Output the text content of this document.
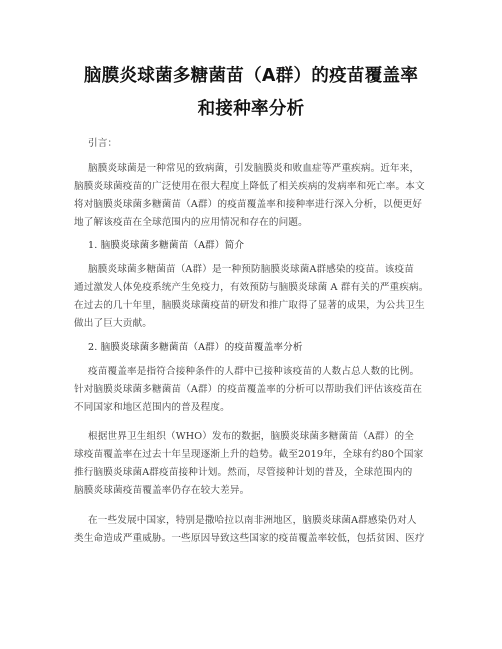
脑膜炎球菌多糖菌苗（A群）的疫苗覆盖率
和接种率分析
引言：
脑膜炎球菌是一种常见的致病菌，引发脑膜炎和败血症等严重疾病。近年来，
脑膜炎球菌疫苗的广泛使用在很大程度上降低了相关疾病的发病率和死亡率。本文
将对脑膜炎球菌多糖菌苗（A群）的疫苗覆盖率和接种率进行深入分析，以便更好
地了解该疫苗在全球范围内的应用情况和存在的问题。
1. 脑膜炎球菌多糖菌苗（A群）简介
脑膜炎球菌多糖菌苗（A群）是一种预防脑膜炎球菌A群感染的疫苗。该疫苗
通过激发人体免疫系统产生免疫力，有效预防与脑膜炎球菌 A 群有关的严重疾病。
在过去的几十年里，脑膜炎球菌疫苗的研发和推广取得了显著的成果，为公共卫生
做出了巨大贡献。
2. 脑膜炎球菌多糖菌苗（A群）的疫苗覆盖率分析
疫苗覆盖率是指符合接种条件的人群中已接种该疫苗的人数占总人数的比例。
针对脑膜炎球菌多糖菌苗（A群）的疫苗覆盖率的分析可以帮助我们评估该疫苗在
不同国家和地区范围内的普及程度。
根据世界卫生组织（WHO）发布的数据，脑膜炎球菌多糖菌苗（A群）的全
球疫苗覆盖率在过去十年呈现逐渐上升的趋势。截至2019年，全球有约80个国家
推行脑膜炎球菌A群疫苗接种计划。然而，尽管接种计划的普及，全球范围内的
脑膜炎球菌疫苗覆盖率仍存在较大差异。
在一些发展中国家，特别是撒哈拉以南非洲地区，脑膜炎球菌A群感染仍对人
类生命造成严重威胁。一些原因导致这些国家的疫苗覆盖率较低，包括贫困、医疗
